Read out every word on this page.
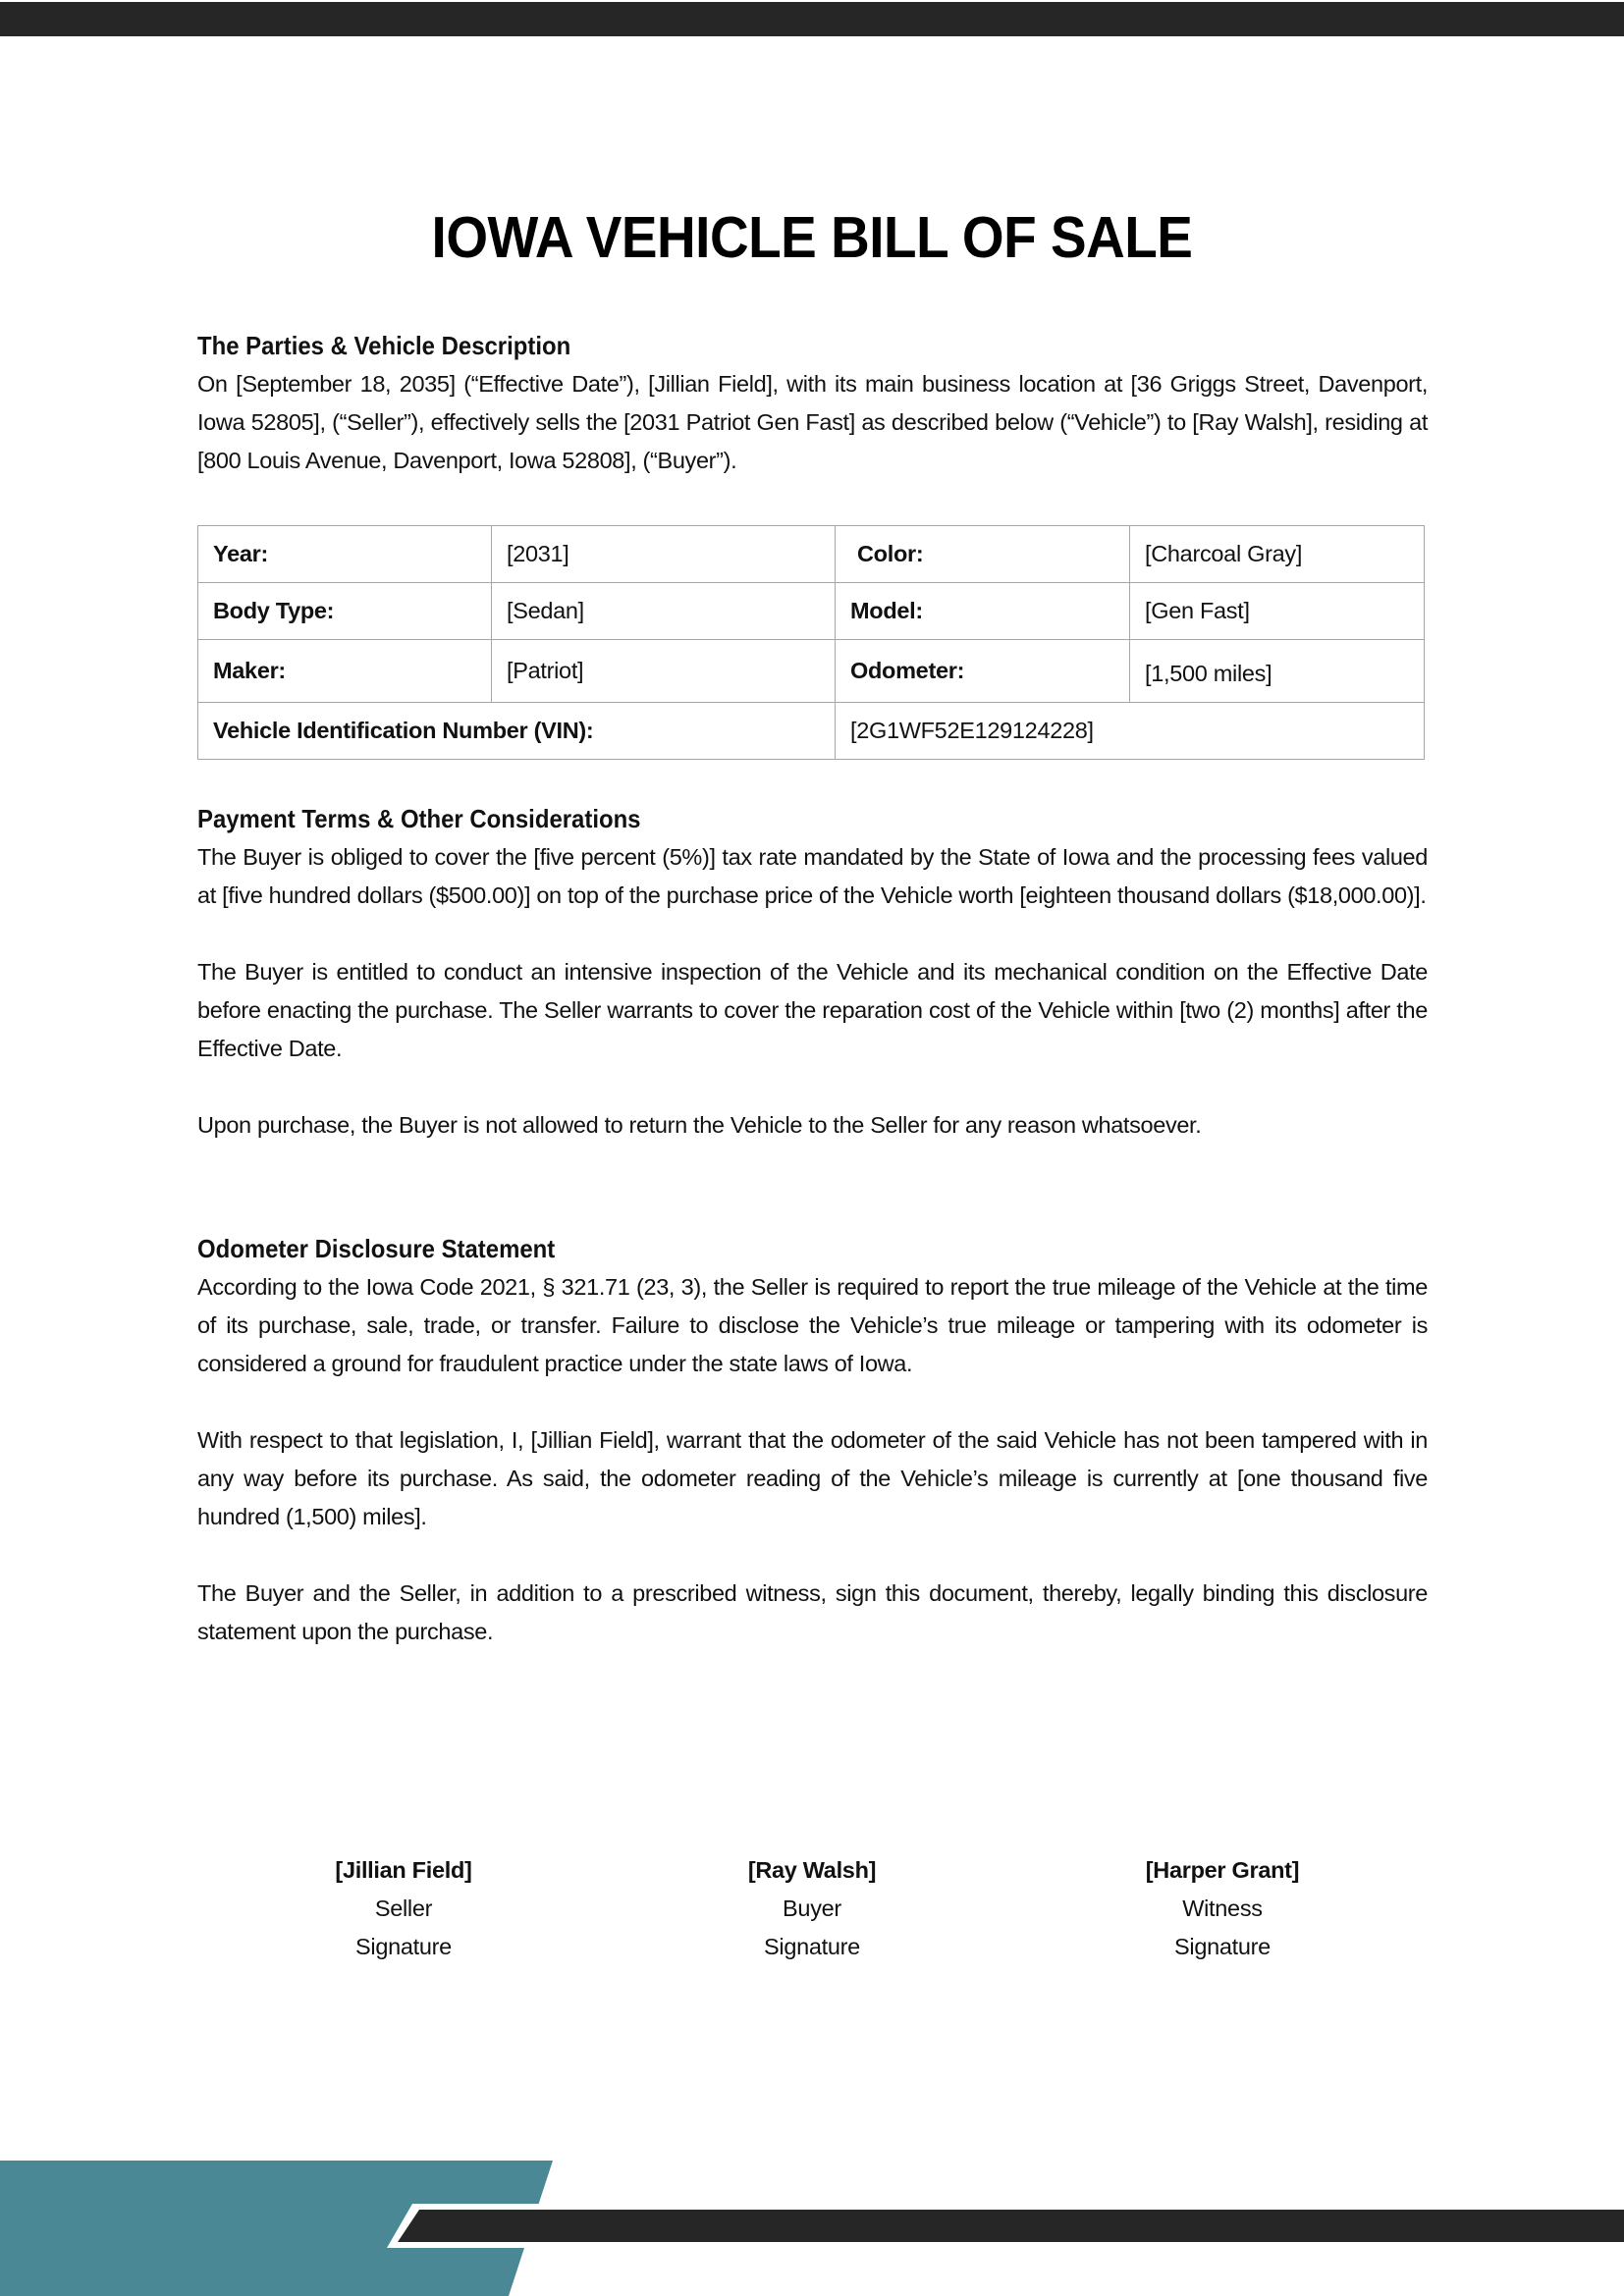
IOWA VEHICLE BILL OF SALE
The Parties & Vehicle Description
On [September 18, 2035] (“Effective Date”), [Jillian Field], with its main business location at [36 Griggs Street, Davenport, Iowa 52805], (“Seller”), effectively sells the [2031 Patriot Gen Fast] as described below (“Vehicle”) to [Ray Walsh], residing at [800 Louis Avenue, Davenport, Iowa 52808], (“Buyer”).
Year:	[2031]	Color:	[Charcoal Gray]
Body Type:	[Sedan]	Model:	[Gen Fast]
Maker:	[Patriot]	Odometer:	[1,500 miles]
Vehicle Identification Number (VIN):		[2G1WF52E129124228]	
Payment Terms & Other Considerations
The Buyer is obliged to cover the [five percent (5%)] tax rate mandated by the State of Iowa and the processing fees valued at [five hundred dollars ($500.00)] on top of the purchase price of the Vehicle worth [eighteen thousand dollars ($18,000.00)].
The Buyer is entitled to conduct an intensive inspection of the Vehicle and its mechanical condition on the Effective Date before enacting the purchase. The Seller warrants to cover the reparation cost of the Vehicle within [two (2) months] after the Effective Date.
Upon purchase, the Buyer is not allowed to return the Vehicle to the Seller for any reason whatsoever.
Odometer Disclosure Statement
According to the Iowa Code 2021, § 321.71 (23, 3), the Seller is required to report the true mileage of the Vehicle at the time of its purchase, sale, trade, or transfer. Failure to disclose the Vehicle’s true mileage or tampering with its odometer is considered a ground for fraudulent practice under the state laws of Iowa.
With respect to that legislation, I, [Jillian Field], warrant that the odometer of the said Vehicle has not been tampered with in any way before its purchase. As said, the odometer reading of the Vehicle’s mileage is currently at [one thousand five hundred (1,500) miles].
The Buyer and the Seller, in addition to a prescribed witness, sign this document, thereby, legally binding this disclosure statement upon the purchase.
[Jillian Field]
Seller
Signature
[Ray Walsh]
Buyer
Signature
[Harper Grant]
Witness
Signature
